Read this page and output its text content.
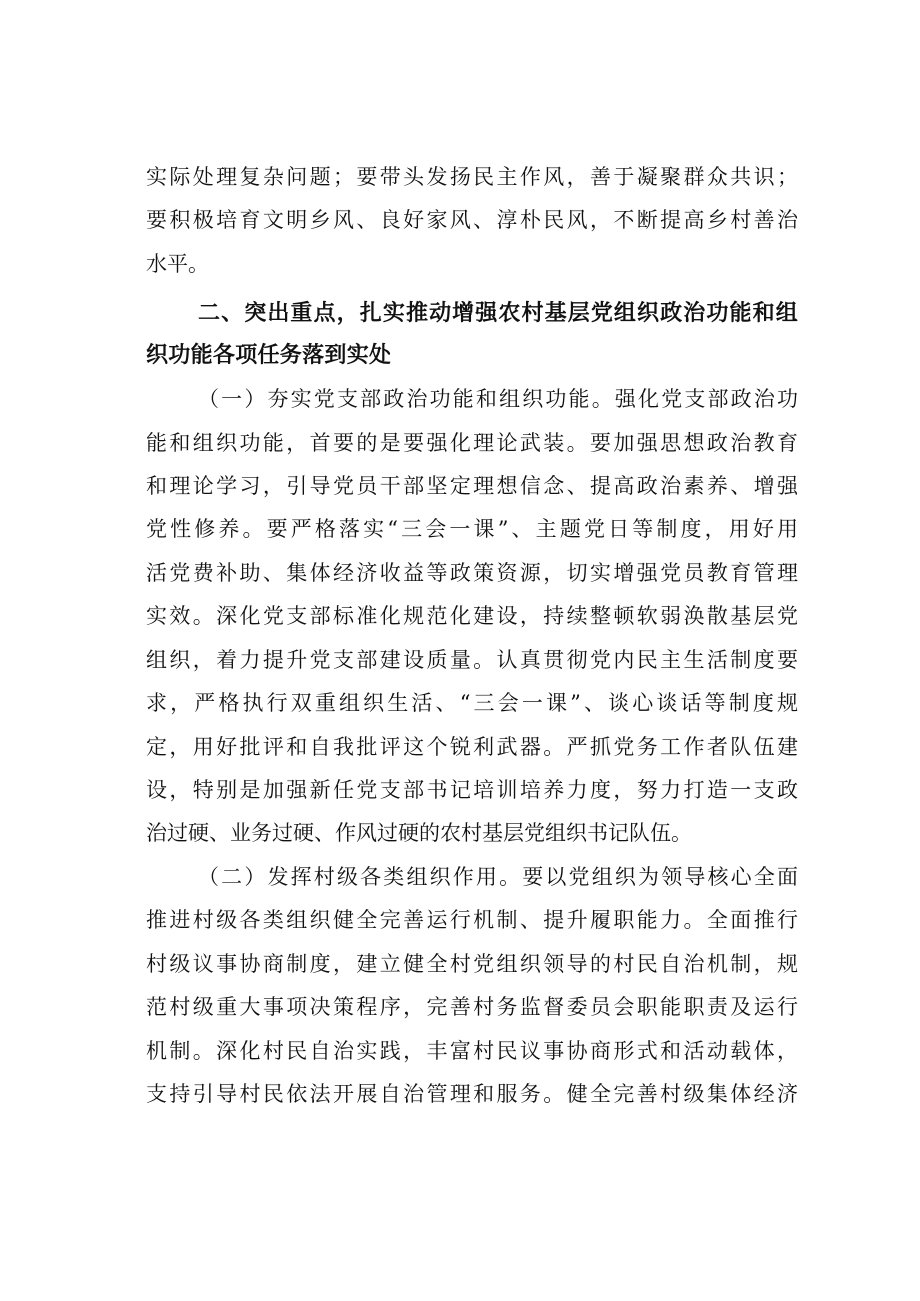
实际处理复杂问题；要带头发扬民主作风，善于凝聚群众共识；
要积极培育文明乡风、良好家风、淳朴民风，不断提高乡村善治
水平。
二、突出重点，扎实推动增强农村基层党组织政治功能和组
织功能各项任务落到实处
（一）夯实党支部政治功能和组织功能。强化党支部政治功
能和组织功能，首要的是要强化理论武装。要加强思想政治教育
和理论学习，引导党员干部坚定理想信念、提高政治素养、增强
党性修养。要严格落实“三会一课”、主题党日等制度，用好用
活党费补助、集体经济收益等政策资源，切实增强党员教育管理
实效。深化党支部标准化规范化建设，持续整顿软弱涣散基层党
组织，着力提升党支部建设质量。认真贯彻党内民主生活制度要
求，严格执行双重组织生活、“三会一课”、谈心谈话等制度规
定，用好批评和自我批评这个锐利武器。严抓党务工作者队伍建
设，特别是加强新任党支部书记培训培养力度，努力打造一支政
治过硬、业务过硬、作风过硬的农村基层党组织书记队伍。
（二）发挥村级各类组织作用。要以党组织为领导核心全面
推进村级各类组织健全完善运行机制、提升履职能力。全面推行
村级议事协商制度，建立健全村党组织领导的村民自治机制，规
范村级重大事项决策程序，完善村务监督委员会职能职责及运行
机制。深化村民自治实践，丰富村民议事协商形式和活动载体，
支持引导村民依法开展自治管理和服务。健全完善村级集体经济
